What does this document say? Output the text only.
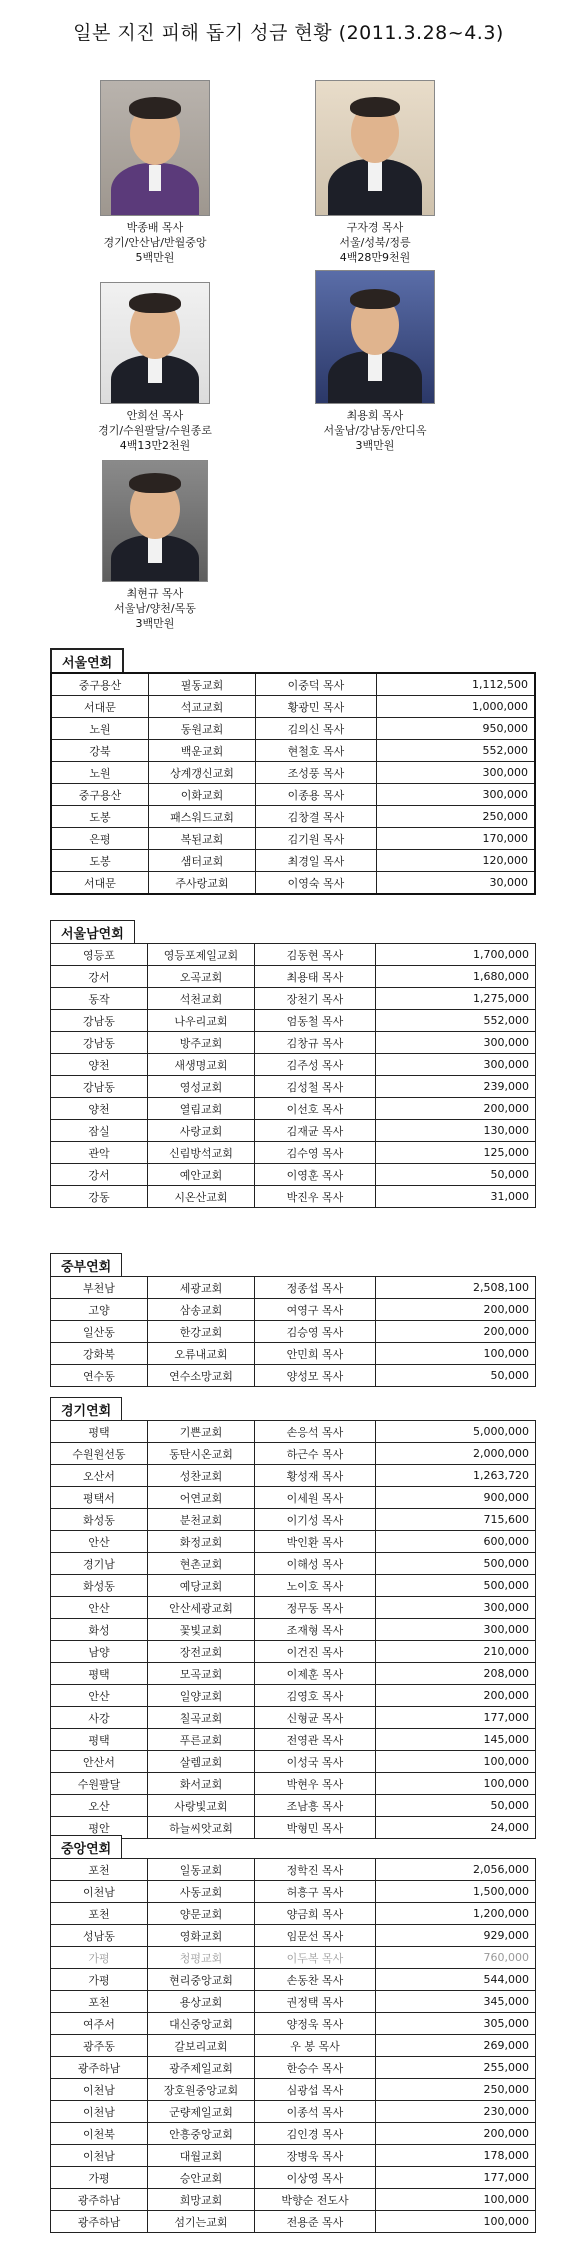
일본 지진 피해 돕기 성금 현황 (2011.3.28~4.3)
박종배 목사
경기/안산남/반월중앙
5백만원
구자경 목사
서울/성북/정릉
4백28만9천원
안희선 목사
경기/수원팔달/수원종로
4백13만2천원
최용희 목사
서울남/강남동/안디옥
3백만원
최현규 목사
서울남/양천/목동
3백만원
서울연회
중구용산	필동교회	이중덕 목사	1,112,500
서대문	석교교회	황광민 목사	1,000,000
노원	동원교회	김의신 목사	950,000
강북	백운교회	현철호 목사	552,000
노원	상계갱신교회	조성풍 목사	300,000
중구용산	이화교회	이종용 목사	300,000
도봉	패스워드교회	김창결 목사	250,000
은평	복된교회	김기원 목사	170,000
도봉	샘터교회	최경일 목사	120,000
서대문	주사랑교회	이영숙 목사	30,000
서울남연회
영등포	영등포제일교회	김동현 목사	1,700,000
강서	오곡교회	최용태 목사	1,680,000
동작	석천교회	장천기 목사	1,275,000
강남동	나우리교회	엄동철 목사	552,000
강남동	방주교회	김창규 목사	300,000
양천	새생명교회	김주성 목사	300,000
강남동	영성교회	김성철 목사	239,000
양천	열림교회	이선호 목사	200,000
잠실	사랑교회	김재균 목사	130,000
관악	신림방석교회	김수영 목사	125,000
강서	예안교회	이영훈 목사	50,000
강동	시온산교회	박진우 목사	31,000
중부연회
부천남	세광교회	정종섭 목사	2,508,100
고양	삼송교회	여영구 목사	200,000
일산동	한강교회	김승영 목사	200,000
강화북	오류내교회	안민희 목사	100,000
연수동	연수소망교회	양성모 목사	50,000
경기연회
평택	기쁜교회	손응석 목사	5,000,000
수원원선동	동탄시온교회	하근수 목사	2,000,000
오산서	성찬교회	황성재 목사	1,263,720
평택서	어연교회	이세원 목사	900,000
화성동	분천교회	이기성 목사	715,600
안산	화정교회	박인환 목사	600,000
경기남	현촌교회	이해성 목사	500,000
화성동	예당교회	노이호 목사	500,000
안산	안산세광교회	정무동 목사	300,000
화성	꽃빛교회	조재형 목사	300,000
남양	장전교회	이건진 목사	210,000
평택	모곡교회	이제훈 목사	208,000
안산	일양교회	김영호 목사	200,000
사강	칠곡교회	신형균 목사	177,000
평택	푸른교회	전영관 목사	145,000
안산서	살렘교회	이성국 목사	100,000
수원팔달	화서교회	박현우 목사	100,000
오산	사랑빛교회	조남흥 목사	50,000
평안	하늘씨앗교회	박형민 목사	24,000
중앙연회
포천	일동교회	정학진 목사	2,056,000
이천남	사동교회	허흥구 목사	1,500,000
포천	양문교회	양금희 목사	1,200,000
성남동	영화교회	임문선 목사	929,000
가평	청평교회	이두복 목사	760,000
가평	현리중앙교회	손동찬 목사	544,000
포천	용상교회	권정택 목사	345,000
여주서	대신중앙교회	양정욱 목사	305,000
광주동	갈보리교회	우 봉 목사	269,000
광주하남	광주제일교회	한승수 목사	255,000
이천남	장호원중앙교회	심광섭 목사	250,000
이천남	군량제일교회	이종석 목사	230,000
이천북	안흥중앙교회	김인경 목사	200,000
이천남	대월교회	장병욱 목사	178,000
가평	승안교회	이상영 목사	177,000
광주하남	희망교회	박향순 전도사	100,000
광주하남	섬기는교회	전용준 목사	100,000
